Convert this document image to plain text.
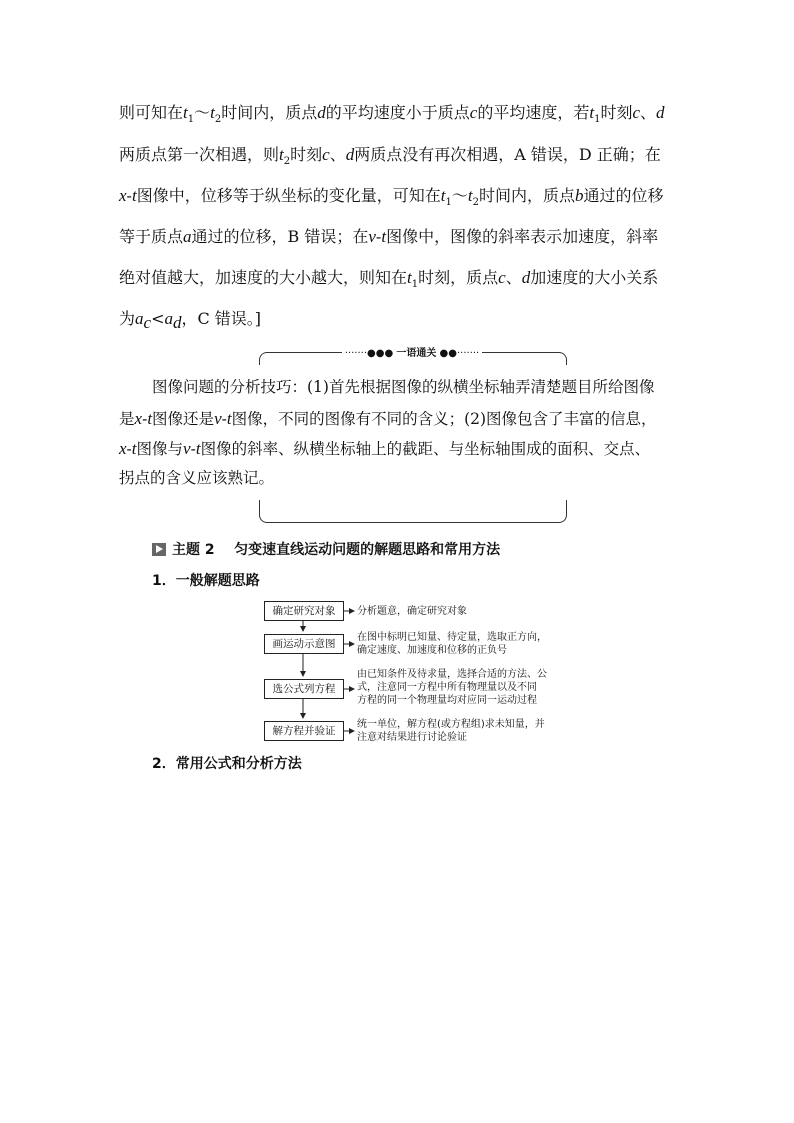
则可知在$t_1\sim t_2$时间内，质点d的平均速度小于质点c的平均速度，若$t_1$时刻c、d
两质点第一次相遇，则$t_2$时刻c、d两质点没有再次相遇，A 错误，D 正确；在
x-t图像中，位移等于纵坐标的变化量，可知在$t_1\sim t_2$时间内，质点b通过的位移
等于质点a通过的位移，B 错误；在v-t图像中，图像的斜率表示加速度，斜率
绝对值越大，加速度的大小越大，则知在$t_1$时刻，质点c、d加速度的大小关系
为$a_c<a_d$，C 错误。]
·······●●● 一语通关 ●●·······
图像问题的分析技巧：(1)首先根据图像的纵横坐标轴弄清楚题目所给图像
是x-t图像还是v-t图像，不同的图像有不同的含义；(2)图像包含了丰富的信息，
x-t图像与v-t图像的斜率、纵横坐标轴上的截距、与坐标轴围成的面积、交点、
拐点的含义应该熟记。
主题 2 匀变速直线运动问题的解题思路和常用方法
1．一般解题思路
确定研究对象
画运动示意图
选公式列方程
解方程并验证
分析题意，确定研究对象
在图中标明已知量、待定量，选取正方向，
确定速度、加速度和位移的正负号
由已知条件及待求量，选择合适的方法、公
式，注意同一方程中所有物理量以及不同
方程的同一个物理量均对应同一运动过程
统一单位，解方程(或方程组)求未知量，并
注意对结果进行讨论验证
2．常用公式和分析方法
